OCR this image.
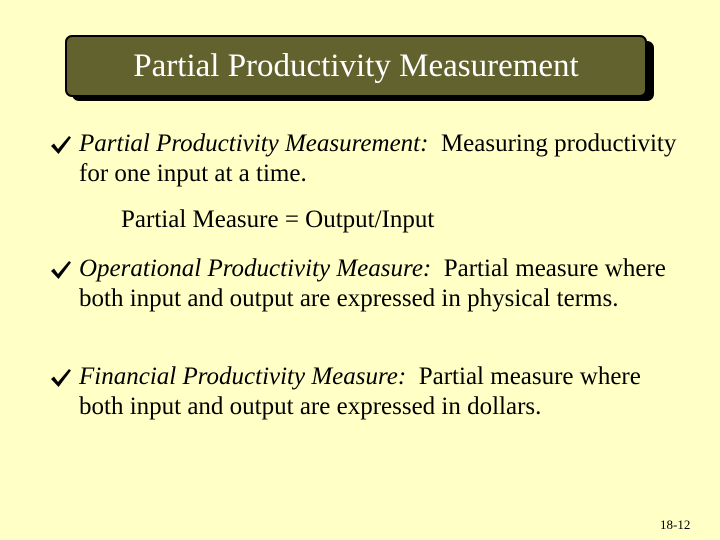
Partial Productivity Measurement
Partial Productivity Measurement: Measuring productivity for one input at a time.
Partial Measure = Output/Input
Operational Productivity Measure: Partial measure where both input and output are expressed in physical terms.
Financial Productivity Measure: Partial measure where both input and output are expressed in dollars.
18-12
